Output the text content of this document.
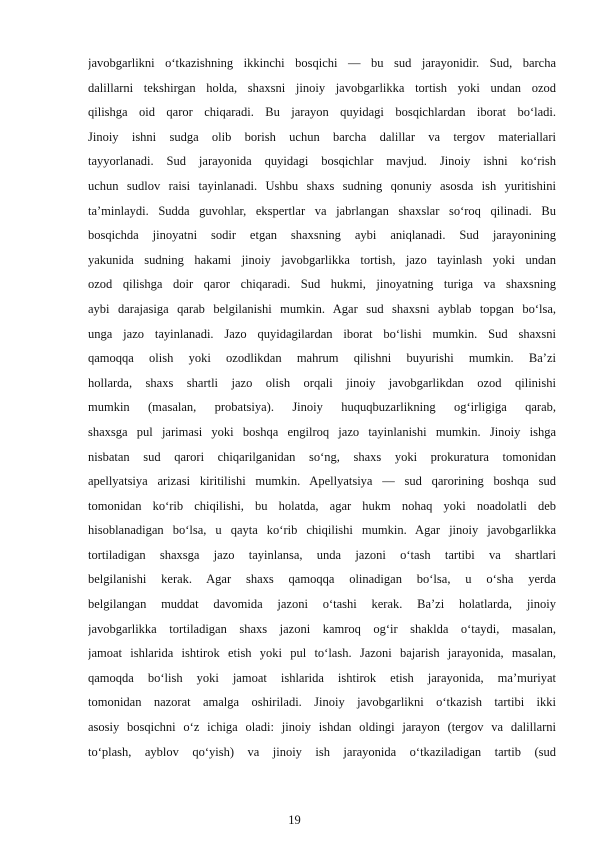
javobgarlikni o‘tkazishning ikkinchi bosqichi — bu sud jarayonidir. Sud, barcha
dalillarni tekshirgan holda, shaxsni jinoiy javobgarlikka tortish yoki undan ozod
qilishga oid qaror chiqaradi. Bu jarayon quyidagi bosqichlardan iborat bo‘ladi.
Jinoiy ishni sudga olib borish uchun barcha dalillar va tergov materiallari
tayyorlanadi. Sud jarayonida quyidagi bosqichlar mavjud. Jinoiy ishni ko‘rish
uchun sudlov raisi tayinlanadi. Ushbu shaxs sudning qonuniy asosda ish yuritishini
ta’minlaydi. Sudda guvohlar, ekspertlar va jabrlangan shaxslar so‘roq qilinadi. Bu
bosqichda jinoyatni sodir etgan shaxsning aybi aniqlanadi. Sud jarayonining
yakunida sudning hakami jinoiy javobgarlikka tortish, jazo tayinlash yoki undan
ozod qilishga doir qaror chiqaradi. Sud hukmi, jinoyatning turiga va shaxsning
aybi darajasiga qarab belgilanishi mumkin. Agar sud shaxsni ayblab topgan bo‘lsa,
unga jazo tayinlanadi. Jazo quyidagilardan iborat bo‘lishi mumkin. Sud shaxsni
qamoqqa olish yoki ozodlikdan mahrum qilishni buyurishi mumkin. Ba’zi
hollarda, shaxs shartli jazo olish orqali jinoiy javobgarlikdan ozod qilinishi
mumkin (masalan, probatsiya). Jinoiy huquqbuzarlikning og‘irligiga qarab,
shaxsga pul jarimasi yoki boshqa engilroq jazo tayinlanishi mumkin. Jinoiy ishga
nisbatan sud qarori chiqarilganidan so‘ng, shaxs yoki prokuratura tomonidan
apellyatsiya arizasi kiritilishi mumkin. Apellyatsiya — sud qarorining boshqa sud
tomonidan ko‘rib chiqilishi, bu holatda, agar hukm nohaq yoki noadolatli deb
hisoblanadigan bo‘lsa, u qayta ko‘rib chiqilishi mumkin. Agar jinoiy javobgarlikka
tortiladigan shaxsga jazo tayinlansa, unda jazoni o‘tash tartibi va shartlari
belgilanishi kerak. Agar shaxs qamoqqa olinadigan bo‘lsa, u o‘sha yerda
belgilangan muddat davomida jazoni o‘tashi kerak. Ba’zi holatlarda, jinoiy
javobgarlikka tortiladigan shaxs jazoni kamroq og‘ir shaklda o‘taydi, masalan,
jamoat ishlarida ishtirok etish yoki pul to‘lash. Jazoni bajarish jarayonida, masalan,
qamoqda bo‘lish yoki jamoat ishlarida ishtirok etish jarayonida, ma’muriyat
tomonidan nazorat amalga oshiriladi. Jinoiy javobgarlikni o‘tkazish tartibi ikki
asosiy bosqichni o‘z ichiga oladi: jinoiy ishdan oldingi jarayon (tergov va dalillarni
to‘plash, ayblov qo‘yish) va jinoiy ish jarayonida o‘tkaziladigan tartib (sud
19
